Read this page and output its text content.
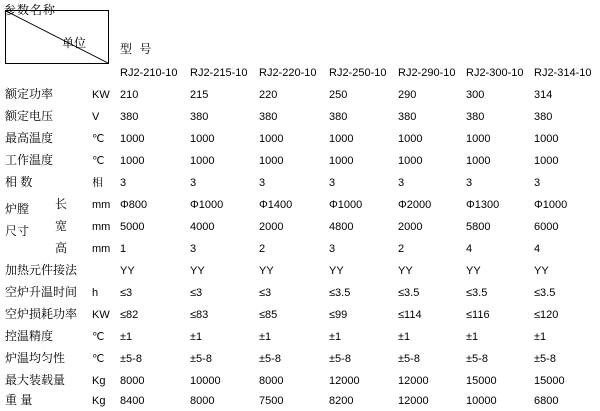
参数名称
单位	型 号
RJ2-210-10 RJ2-215-10 RJ2-220-10 RJ2-250-10 RJ2-290-10 RJ2-300-10 RJ2-314-10
额定功率	KW 210	215	220	250	290	300	314
额定电压	V 380	380	380	380	380	380	380
最高温度	℃ 1000	1000	1000	1000	1000	1000	1000
工作温度	℃ 1000	1000	1000	1000	1000	1000	1000
相 数	相 3	3	3	3	3	3	3
炉膛
尺寸
长 mm Φ800	Φ1000	Φ1400	Φ1000	Φ2000	Φ1300	Φ1000
宽 mm 5000	4000	2000	4800	2000	5800	6000
高 mm 1	3	2	3	2	4	4
加热元件接法	YY	YY	YY	YY	YY	YY	YY
空炉升温时间 h ≤3	≤3	≤3	≤3.5	≤3.5	≤3.5	≤3.5
空炉损耗功率 KW ≤82	≤83	≤85	≤99	≤114	≤116	≤120
控温精度	℃ ±1	±1	±1	±1	±1	±1	±1
炉温均匀性 ℃ ±5-8	±5-8	±5-8	±5-8	±5-8	±5-8	±5-8
最大装载量 Kg 8000	10000	8000	12000	12000	15000	15000
重 量	Kg 8400	8000	7500	8200	12000	10000	6800
